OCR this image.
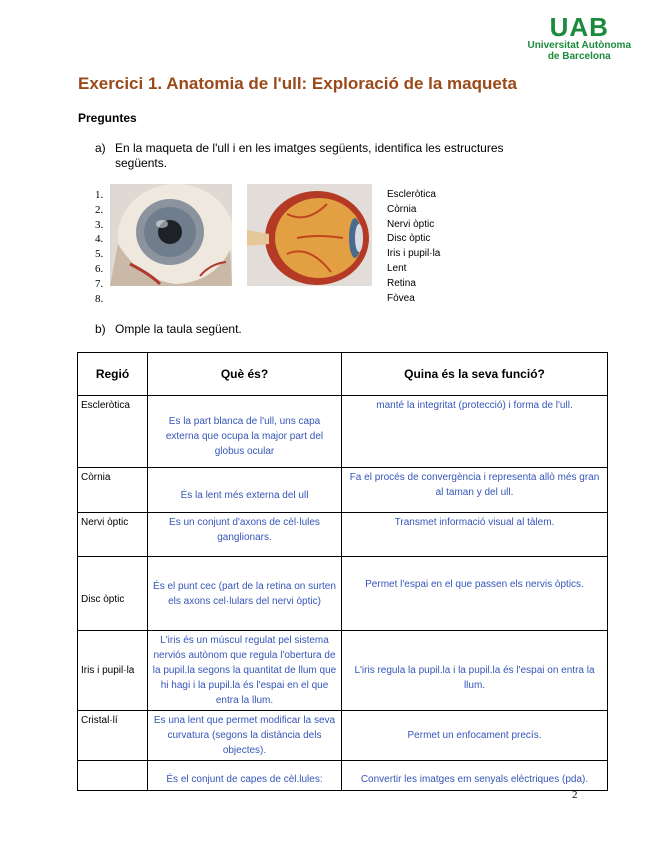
UAB
Universitat Autònoma
de Barcelona
Exercici 1. Anatomia de l'ull: Exploració de la maqueta
Preguntes
a) En la maqueta de l'ull i en les imatges següents, identifica les estructures següents.
1.
2.
3.
4.
5.
6.
7.
8.
Escleròtica
Còrnia
Nervi òptic
Disc òptic
Iris i pupil·la
Lent
Retina
Fòvea
b) Omple la taula següent.
Regió	Què és?	Quina és la seva funció?
Escleròtica	Es la part blanca de l'ull, uns capa externa que ocupa la major part del globus ocular	manté la integritat (protecció) i forma de l'ull.
Còrnia	És la lent més externa del ull	Fa el procés de convergència i representa allò més gran al taman y del ull.
Nervi òptic	Es un conjunt d'axons de cèl·lules ganglionars.	Transmet informació visual al tàlem.
Disc òptic	És el punt cec (part de la retina on surten els axons cel·lulars del nervi òptic)	Permet l'espai en el que passen els nervis òptics.
Iris i pupil·la	L'iris és un múscul regulat pel sistema nerviós autònom que regula l'obertura de la pupil.la segons la quantitat de llum que hi hagi i la pupil.la és l'espai en el que entra la llum.	L'iris regula la pupil.la i la pupil.la és l'espai on entra la llum.
Cristal·lí	Es una lent que permet modificar la seva curvatura (segons la distància dels objectes).	Permet un enfocament precís.
	És el conjunt de capes de cèl.lules:	Convertir les imatges em senyals elèctriques (pda).
2
